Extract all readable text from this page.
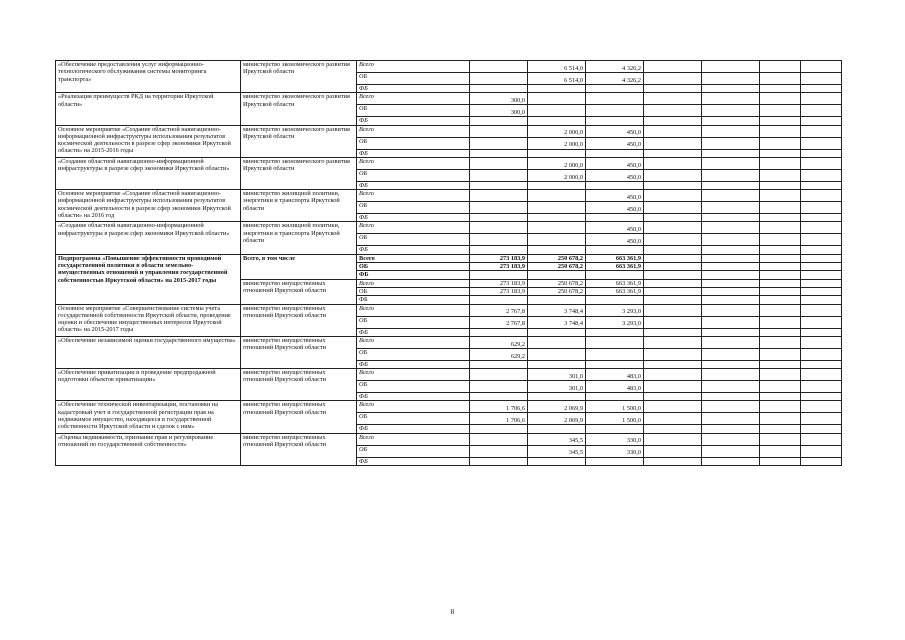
«Обеспечение предоставления услуг информационно-технологического обслуживания системы мониторинга транспорта»	министерство экономического развития Иркутской области	Всего		6 514,0	4 326,2				
		ОБ		6 514,0	4 326,2				
		ФБ							
«Реализация преимуществ РКД на территории Иркутской области»	министерство экономического развития Иркутской области	Всего	300,0						
		ОБ	300,0						
		ФБ							
Основное мероприятие «Создание областной навигационно-информационной инфраструктуры использования результатов космической деятельности в разрезе сфер экономики Иркутской области» на 2015-2016 годы	министерство экономического развития Иркутской области	Всего		2 000,0	450,0				
		ОБ		2 000,0	450,0				
		ФБ							
«Создание областной навигационно-информационной инфраструктуры в разрезе сфер экономики Иркутской области»	министерство экономического развития Иркутской области	Всего		2 000,0	450,0				
		ОБ		2 000,0	450,0				
		ФБ							
Основное мероприятие «Создание областной навигационно-информационной инфраструктуры использования результатов космической деятельности в разрезе сфер экономики Иркутской области» на 2016 год	министерство жилищной политики, энергетики и транспорта Иркутской области	Всего			450,0				
		ОБ			450,0				
		ФБ							
«Создание областной навигационно-информационной инфраструктуры в разрезе сфер экономики Иркутской области»	министерство жилищной политики, энергетики и транспорта Иркутской области	Всего			450,0				
		ОБ			450,0				
		ФБ							
Подпрограмма «Повышение эффективности проводимой государственной политики в области земельно-имущественных отношений и управления государственной собственностью Иркутской области» на 2015-2017 годы	Всего, в том числе	Всего	273 183,9	250 678,2	663 361,9				
		ОБ	273 183,9	250 678,2	663 361,9				
		ФБ							
	министерство имущественных отношений Иркутской области	Всего	273 183,9	250 678,2	663 361,9				
		ОБ	273 183,9	250 678,2	663 361,9				
		ФБ							
Основное мероприятие «Совершенствование системы учета государственной собственности Иркутской области, проведение оценки и обеспечение имущественных интересов Иркутской области» на 2015-2017 годы	министерство имущественных отношений Иркутской области	Всего	2 767,8	3 748,4	3 293,0				
		ОБ	2 767,8	3 748,4	3 293,0				
		ФБ							
«Обеспечение независимой оценки государственного имущества»	министерство имущественных отношений Иркутской области	Всего	629,2						
		ОБ	629,2						
		ФБ							
«Обеспечение приватизации и проведение предпродажной подготовки объектов приватизации»	министерство имущественных отношений Иркутской области	Всего		301,0	483,0				
		ОБ		301,0	483,0				
		ФБ							
«Обеспечение технической инвентаризации, постановки на кадастровый учет и государственной регистрации прав на недвижимое имущество, находящееся в государственной собственности Иркутской области и сделок с ним»	министерство имущественных отношений Иркутской области	Всего	1 706,6	2 069,9	1 500,0				
		ОБ	1 706,6	2 069,9	1 500,0				
		ФБ							
«Оценка недвижимости, признание прав и регулирование отношений по государственной собственности»	министерство имущественных отношений Иркутской области	Всего		345,5	330,0				
		ОБ		345,5	330,0				
		ФБ							
8
